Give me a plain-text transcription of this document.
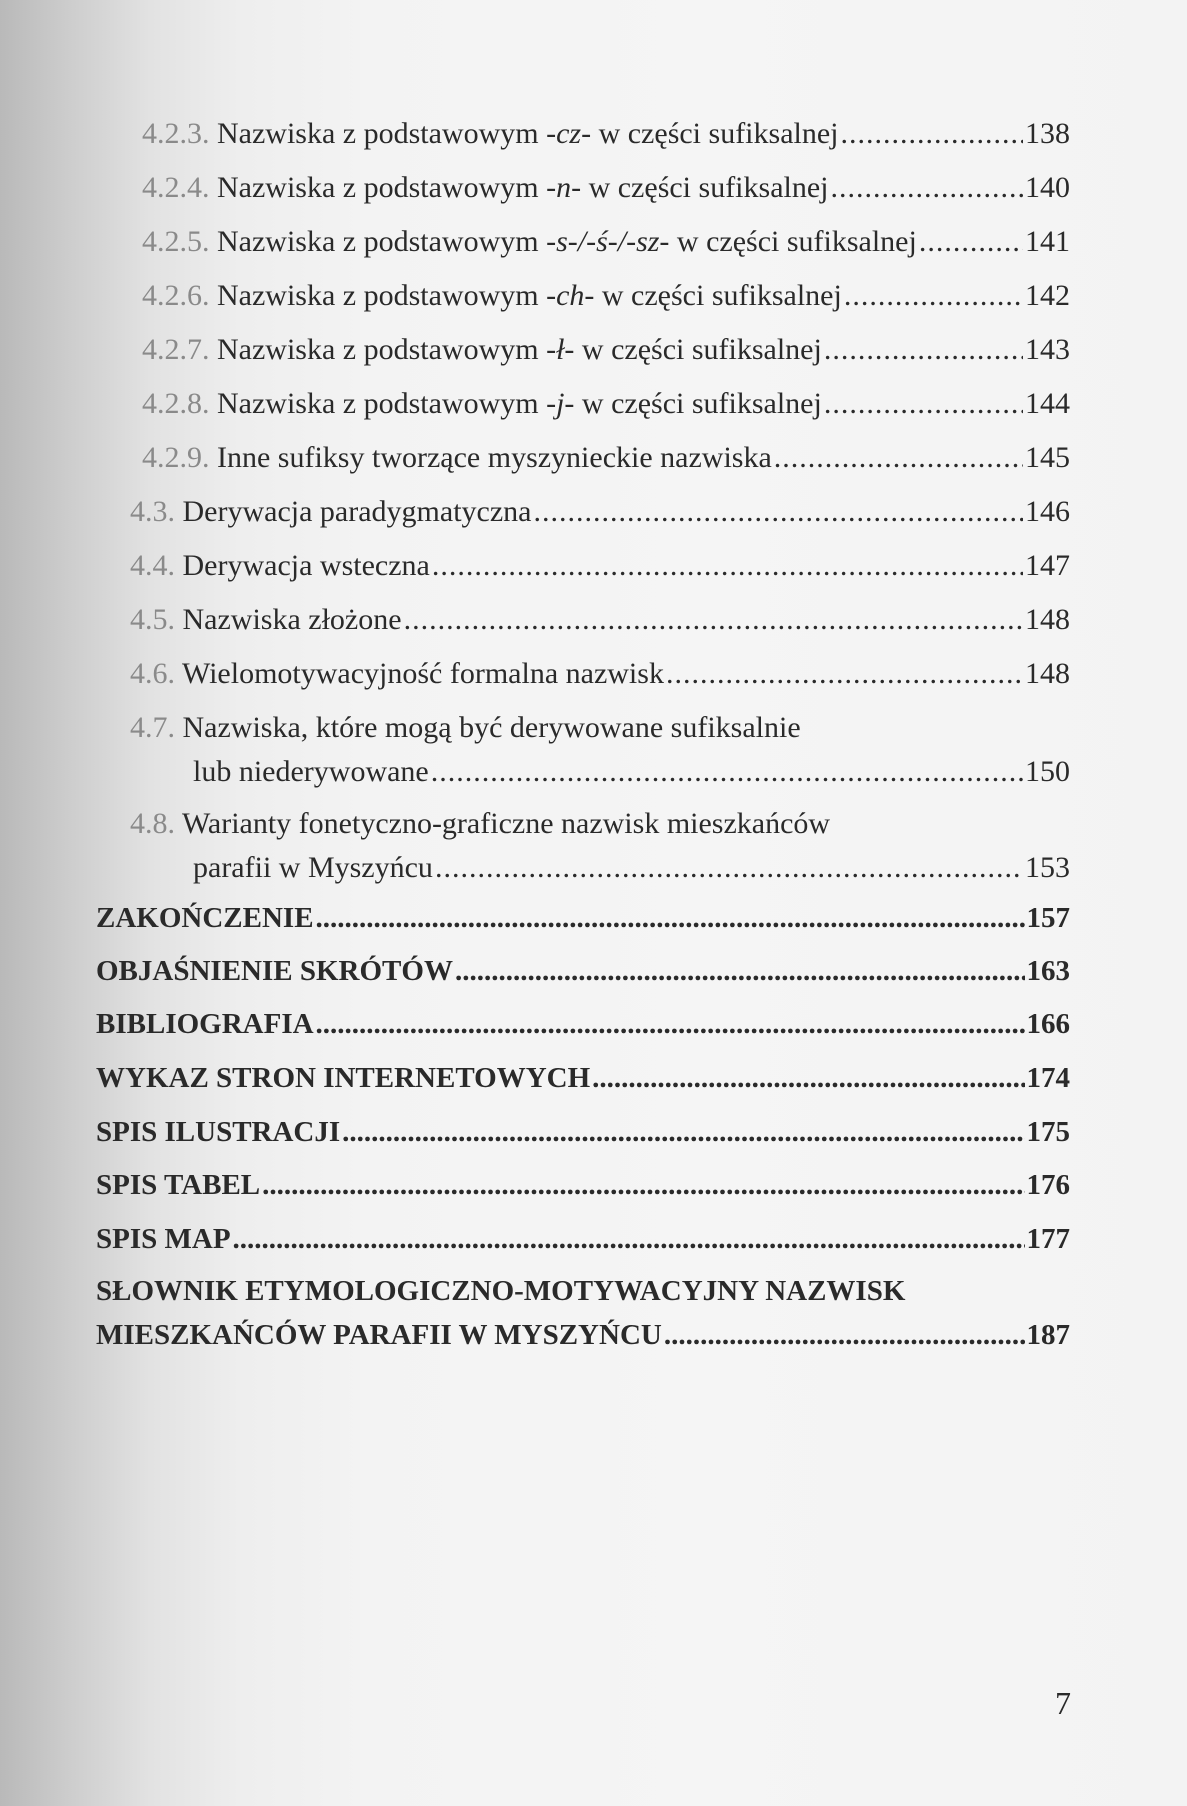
4.2.3. Nazwiska z podstawowym -cz- w części sufiksalnej .....	138
4.2.4. Nazwiska z podstawowym -n- w części sufiksalnej .....	140
4.2.5. Nazwiska z podstawowym -s-/-ś-/-sz- w części sufiksalnej .....	141
4.2.6. Nazwiska z podstawowym -ch- w części sufiksalnej .....	142
4.2.7. Nazwiska z podstawowym -ł- w części sufiksalnej .....	143
4.2.8. Nazwiska z podstawowym -j- w części sufiksalnej .....	144
4.2.9. Inne sufiksy tworzące myszynieckie nazwiska .....	145
4.3. Derywacja paradygmatyczna .....	146
4.4. Derywacja wsteczna .....	147
4.5. Nazwiska złożone .....	148
4.6. Wielomotywacyjność formalna nazwisk .....	148
4.7. Nazwiska, które mogą być derywowane sufiksalnie
lub niederywowane .....	150
4.8. Warianty fonetyczno-graficzne nazwisk mieszkańców
parafii w Myszyńcu .....	153
ZAKOŃCZENIE .....	157
OBJAŚNIENIE SKRÓTÓW .....	163
BIBLIOGRAFIA .....	166
WYKAZ STRON INTERNETOWYCH .....	174
SPIS ILUSTRACJI .....	175
SPIS TABEL .....	176
SPIS MAP .....	177
SŁOWNIK ETYMOLOGICZNO-MOTYWACYJNY NAZWISK
MIESZKAŃCÓW PARAFII W MYSZYŃCU .....	187
7
